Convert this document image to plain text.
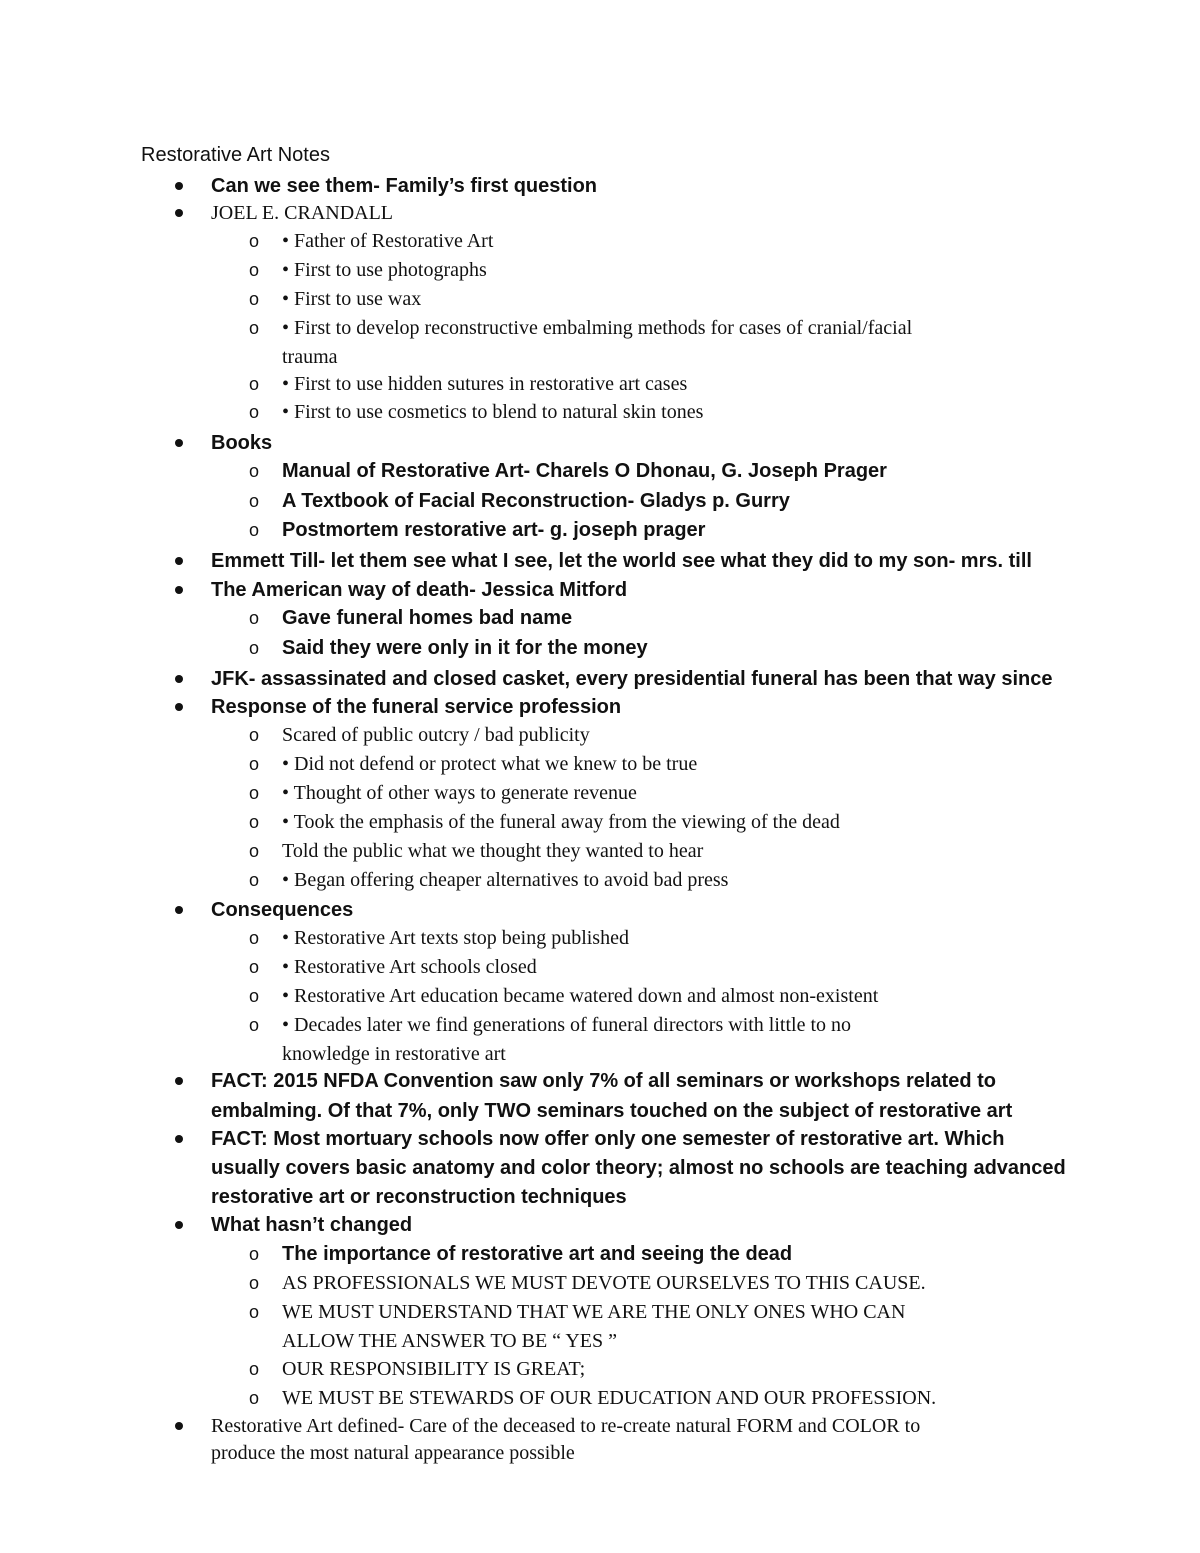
Restorative Art Notes
Can we see them- Family’s first question
JOEL E. CRANDALL
o • Father of Restorative Art
o • First to use photographs
o • First to use wax
o • First to develop reconstructive embalming methods for cases of cranial/facial
trauma
o • First to use hidden sutures in restorative art cases
o • First to use cosmetics to blend to natural skin tones
Books
o Manual of Restorative Art- Charels O Dhonau, G. Joseph Prager
o A Textbook of Facial Reconstruction- Gladys p. Gurry
o Postmortem restorative art- g. joseph prager
Emmett Till- let them see what I see, let the world see what they did to my son- mrs. till
The American way of death- Jessica Mitford
o Gave funeral homes bad name
o Said they were only in it for the money
JFK- assassinated and closed casket, every presidential funeral has been that way since
Response of the funeral service profession
o Scared of public outcry / bad publicity
o • Did not defend or protect what we knew to be true
o • Thought of other ways to generate revenue
o • Took the emphasis of the funeral away from the viewing of the dead
o Told the public what we thought they wanted to hear
o • Began offering cheaper alternatives to avoid bad press
Consequences
o • Restorative Art texts stop being published
o • Restorative Art schools closed
o • Restorative Art education became watered down and almost non-existent
o • Decades later we find generations of funeral directors with little to no
knowledge in restorative art
FACT: 2015 NFDA Convention saw only 7% of all seminars or workshops related to
embalming. Of that 7%, only TWO seminars touched on the subject of restorative art
FACT: Most mortuary schools now offer only one semester of restorative art. Which
usually covers basic anatomy and color theory; almost no schools are teaching advanced
restorative art or reconstruction techniques
What hasn’t changed
o The importance of restorative art and seeing the dead
o AS PROFESSIONALS WE MUST DEVOTE OURSELVES TO THIS CAUSE.
o WE MUST UNDERSTAND THAT WE ARE THE ONLY ONES WHO CAN
ALLOW THE ANSWER TO BE “ YES ”
o OUR RESPONSIBILITY IS GREAT;
o WE MUST BE STEWARDS OF OUR EDUCATION AND OUR PROFESSION.
Restorative Art defined- Care of the deceased to re-create natural FORM and COLOR to
produce the most natural appearance possible
